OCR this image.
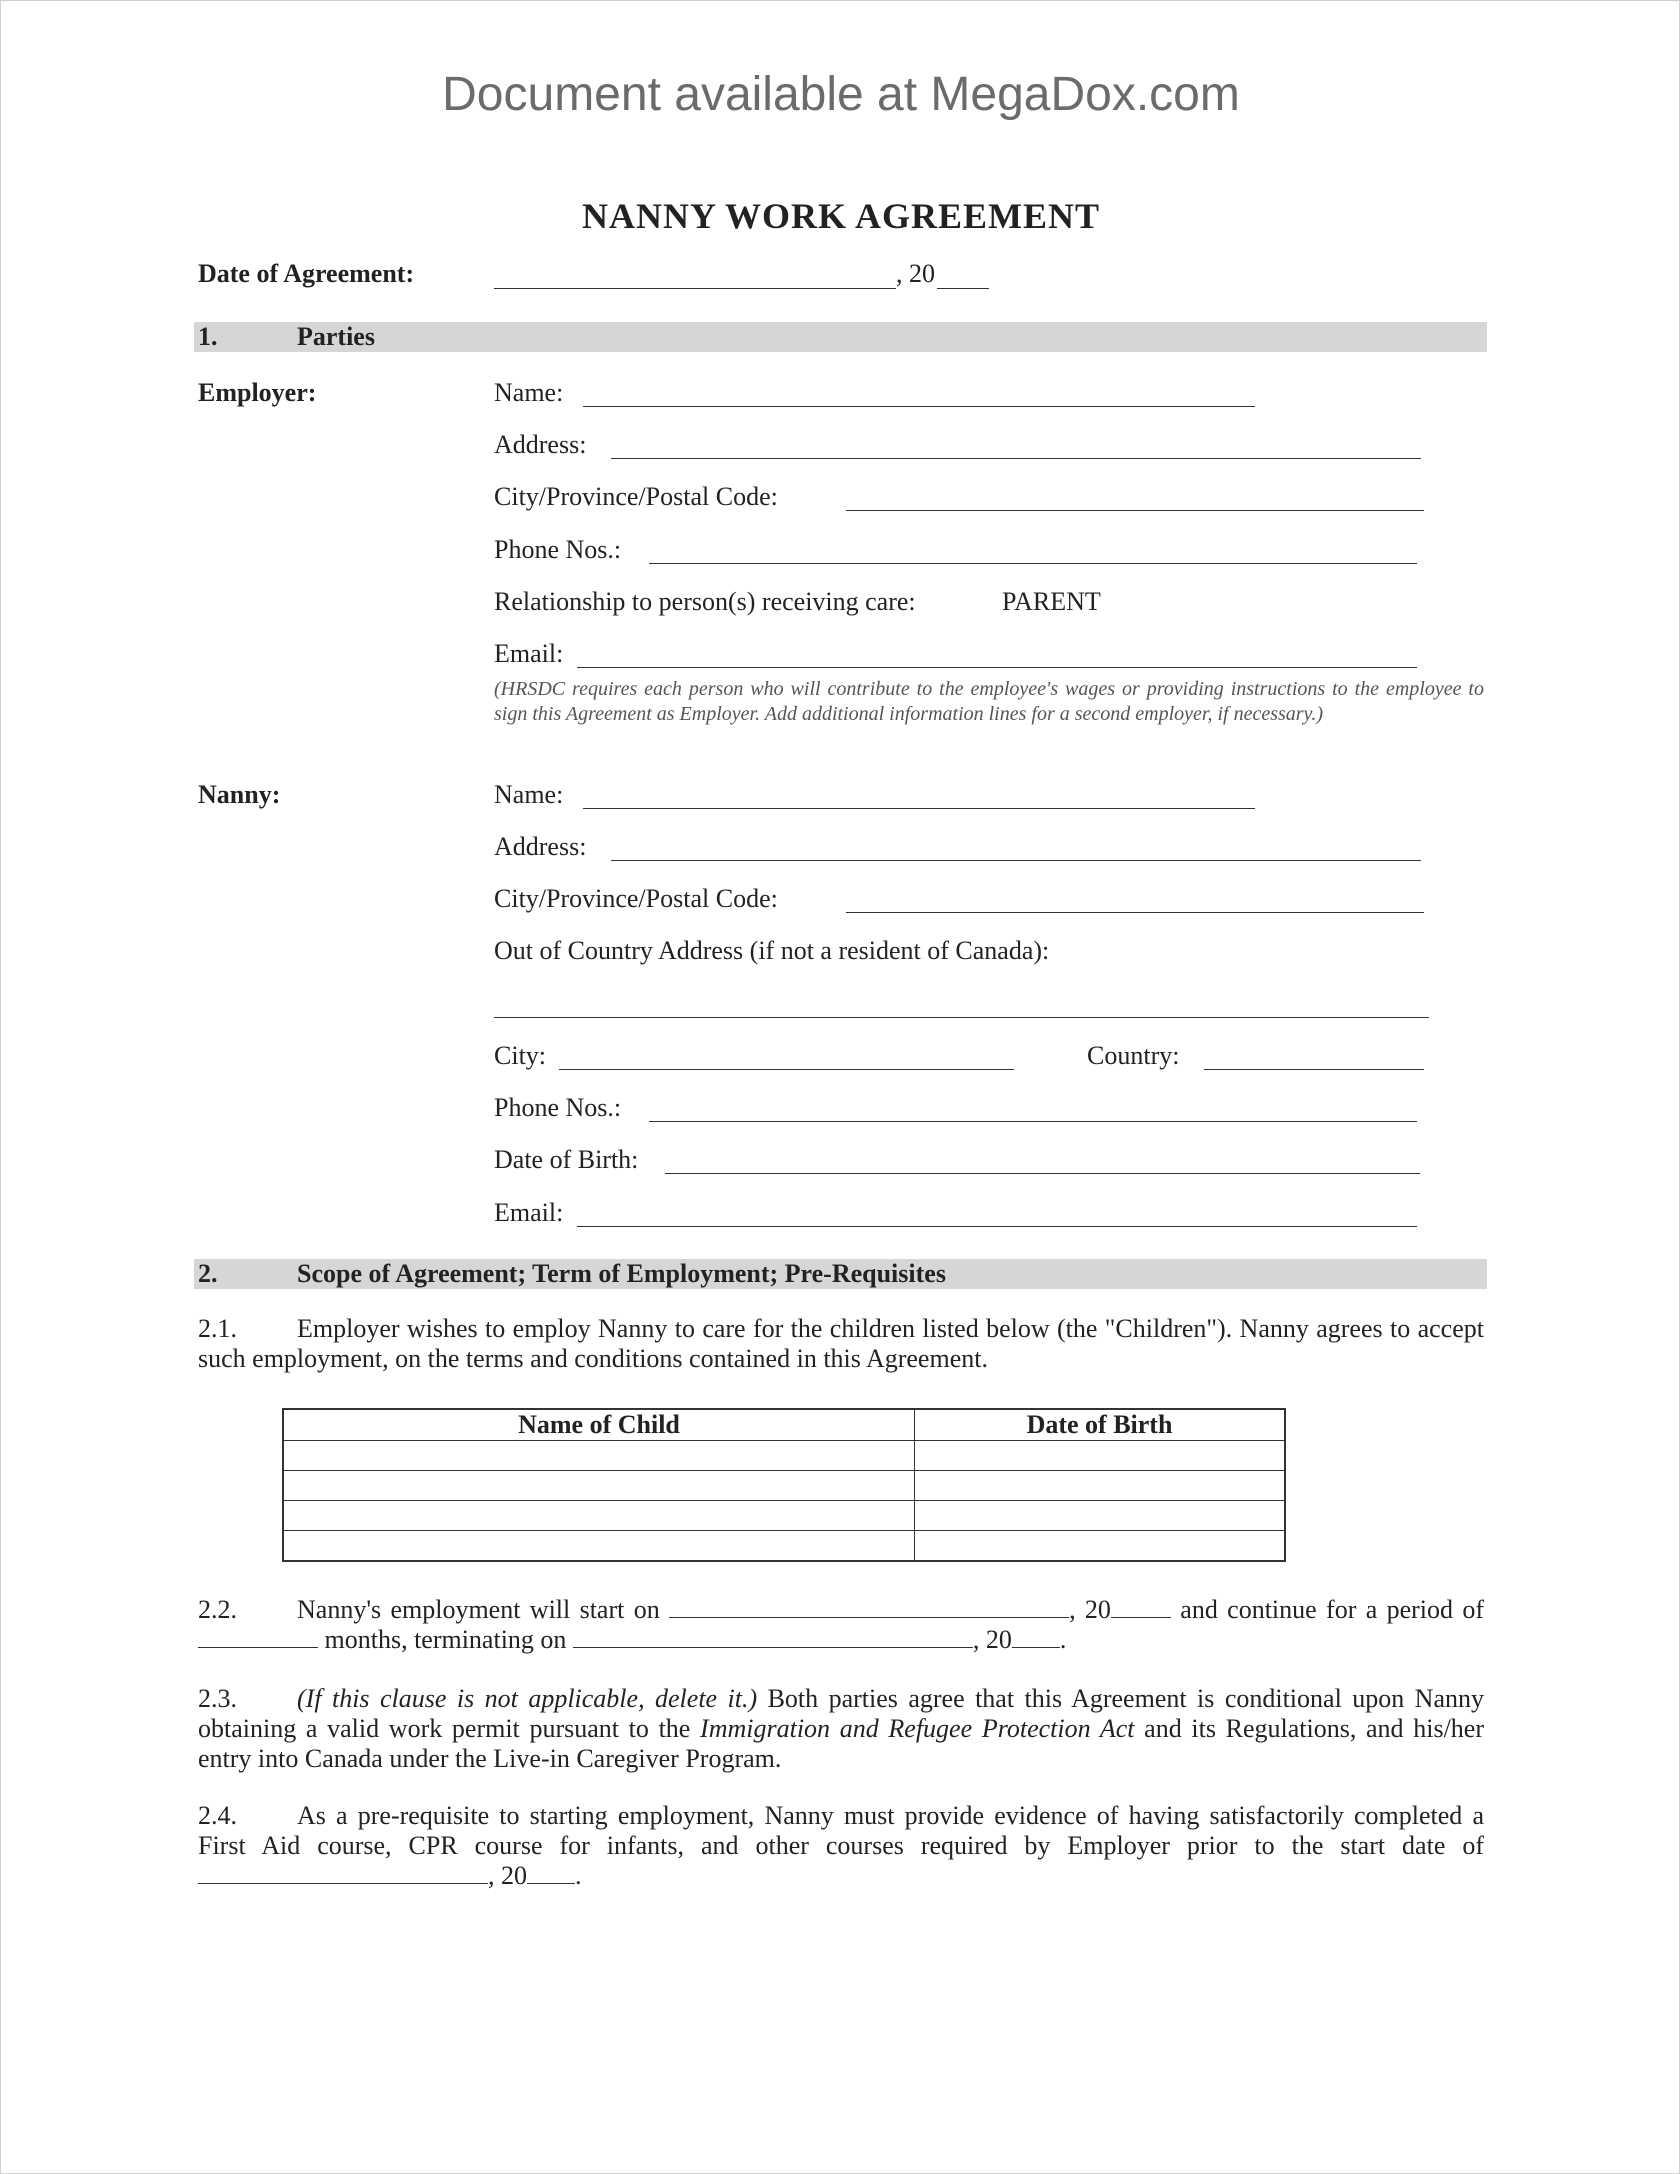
Document available at MegaDox.com
NANNY WORK AGREEMENT
Date of Agreement:	, 20
1.	Parties
Employer:	Name:
Address:
City/Province/Postal Code:
Phone Nos.:
Relationship to person(s) receiving care:	PARENT
Email:
(HRSDC requires each person who will contribute to the employee's wages or providing instructions to the employee to sign this Agreement as Employer. Add additional information lines for a second employer, if necessary.)
Nanny:	Name:
Address:
City/Province/Postal Code:
Out of Country Address (if not a resident of Canada):
City:	Country:
Phone Nos.:
Date of Birth:
Email:
2.	Scope of Agreement; Term of Employment; Pre-Requisites
2.1. Employer wishes to employ Nanny to care for the children listed below (the "Children"). Nanny agrees to accept such employment, on the terms and conditions contained in this Agreement.
Name of Child	Date of Birth

2.2. Nanny's employment will start on	, 20	and continue for a period of  months, terminating on	, 20 .
2.3. (If this clause is not applicable, delete it.) Both parties agree that this Agreement is conditional upon Nanny obtaining a valid work permit pursuant to the Immigration and Refugee Protection Act and its Regulations, and his/her entry into Canada under the Live-in Caregiver Program.
2.4. As a pre-requisite to starting employment, Nanny must provide evidence of having satisfactorily completed a First Aid course, CPR course for infants, and other courses required by Employer prior to the start date of , 20 .
